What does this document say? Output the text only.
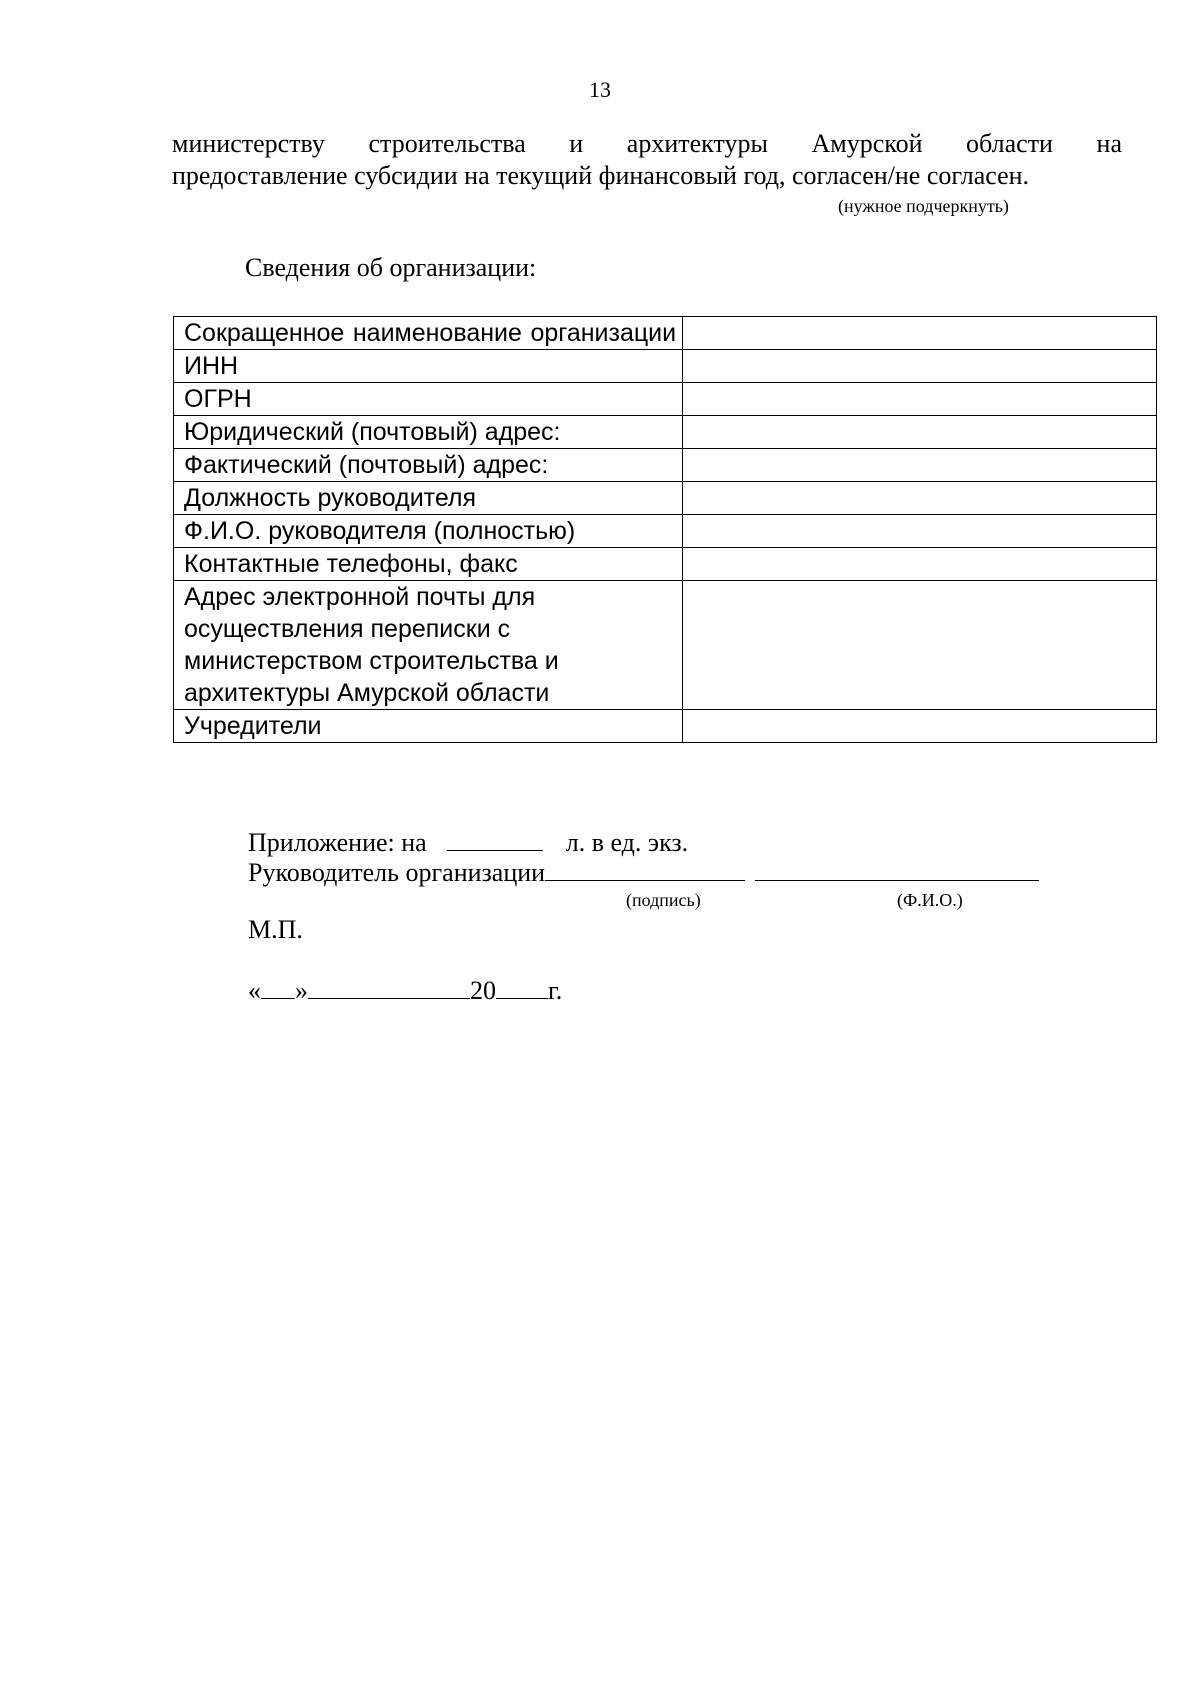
13
министерству строительства и архитектуры Амурской области на
предоставление субсидии на текущий финансовый год, согласен/не согласен.
(нужное подчеркнуть)
Сведения об организации:
Сокращенное наименование организации	

ИНН	
ОГРН	
Юридический (почтовый) адрес:	
Фактический (почтовый) адрес:	
Должность руководителя	
Ф.И.О. руководителя (полностью)	
Контактные телефоны, факс	
Адрес электронной почты для осуществления переписки с министерством строительства и архитектуры Амурской области	
Учредители	
Приложение: на	л. в ед. экз.
Руководитель организации
(подпись)	(Ф.И.О.)
М.П.
« »	20 г.
